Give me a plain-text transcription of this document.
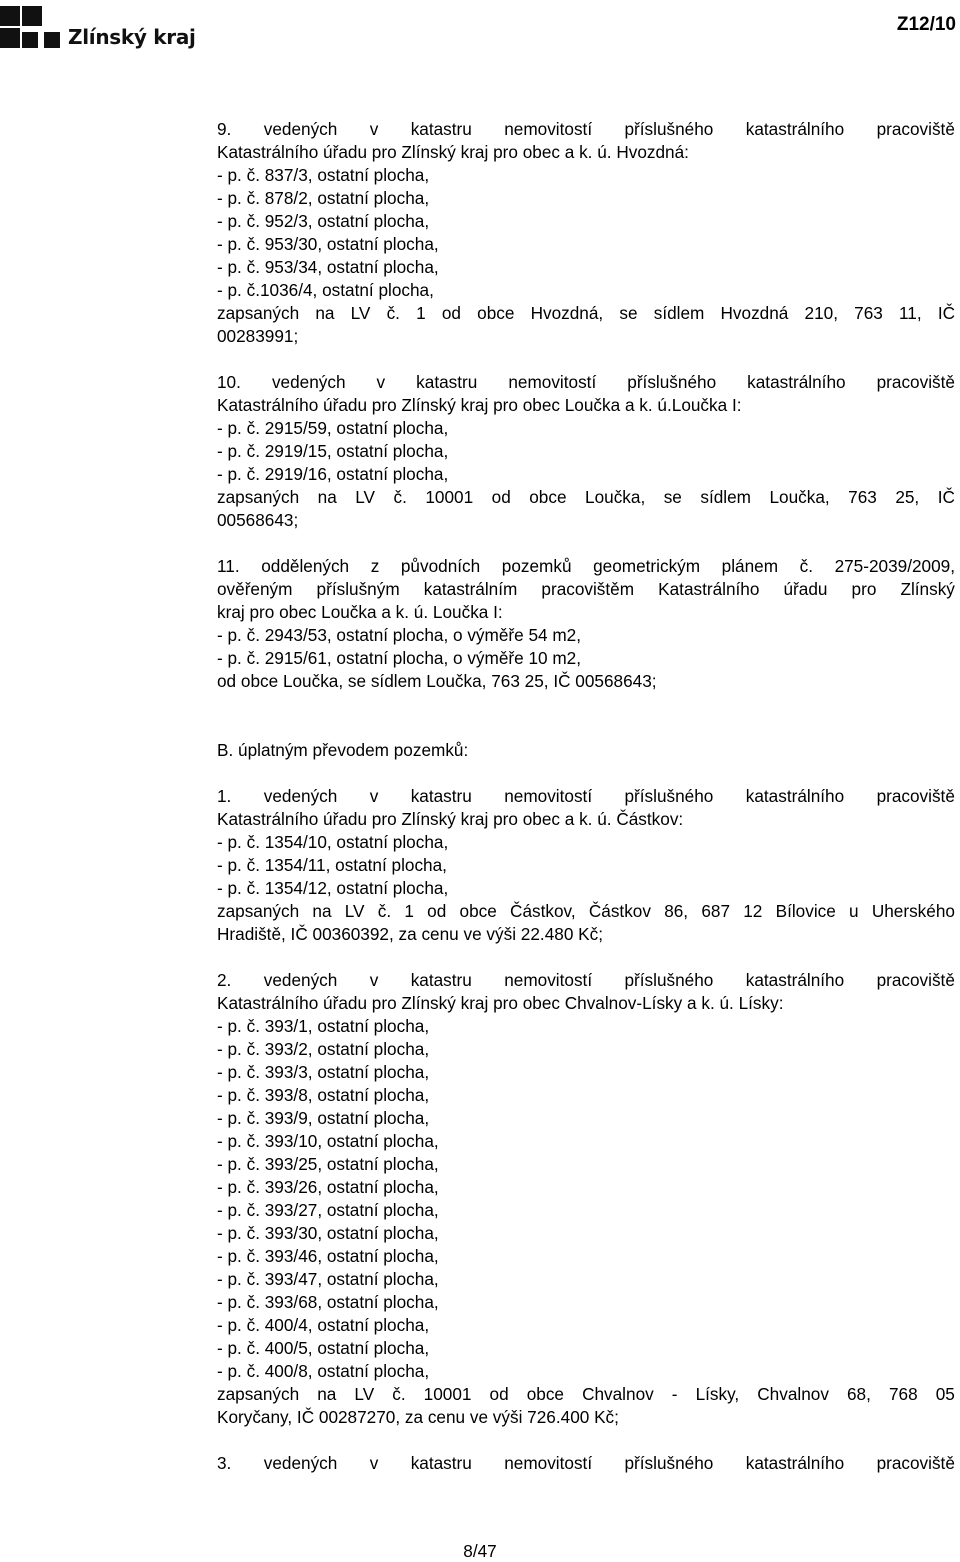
Zlínský kraj
Z12/10
9. vedených v katastru nemovitostí příslušného katastrálního pracoviště
Katastrálního úřadu pro Zlínský kraj pro obec a k. ú. Hvozdná:
- p. č. 837/3, ostatní plocha,
- p. č. 878/2, ostatní plocha,
- p. č. 952/3, ostatní plocha,
- p. č. 953/30, ostatní plocha,
- p. č. 953/34, ostatní plocha,
- p. č.1036/4, ostatní plocha,
zapsaných na LV č. 1 od obce Hvozdná, se sídlem Hvozdná 210, 763 11, IČ
00283991;
10. vedených v katastru nemovitostí příslušného katastrálního pracoviště
Katastrálního úřadu pro Zlínský kraj pro obec Loučka a k. ú.Loučka I:
- p. č. 2915/59, ostatní plocha,
- p. č. 2919/15, ostatní plocha,
- p. č. 2919/16, ostatní plocha,
zapsaných na LV č. 10001 od obce Loučka, se sídlem Loučka, 763 25, IČ
00568643;
11. oddělených z původních pozemků geometrickým plánem č. 275-2039/2009,
ověřeným příslušným katastrálním pracovištěm Katastrálního úřadu pro Zlínský
kraj pro obec Loučka a k. ú. Loučka I:
- p. č. 2943/53, ostatní plocha, o výměře 54 m2,
- p. č. 2915/61, ostatní plocha, o výměře 10 m2,
od obce Loučka, se sídlem Loučka, 763 25, IČ 00568643;
B. úplatným převodem pozemků:
1. vedených v katastru nemovitostí příslušného katastrálního pracoviště
Katastrálního úřadu pro Zlínský kraj pro obec a k. ú. Částkov:
- p. č. 1354/10, ostatní plocha,
- p. č. 1354/11, ostatní plocha,
- p. č. 1354/12, ostatní plocha,
zapsaných na LV č. 1 od obce Částkov, Částkov 86, 687 12 Bílovice u Uherského
Hradiště, IČ 00360392, za cenu ve výši 22.480 Kč;
2. vedených v katastru nemovitostí příslušného katastrálního pracoviště
Katastrálního úřadu pro Zlínský kraj pro obec Chvalnov-Lísky a k. ú. Lísky:
- p. č. 393/1, ostatní plocha,
- p. č. 393/2, ostatní plocha,
- p. č. 393/3, ostatní plocha,
- p. č. 393/8, ostatní plocha,
- p. č. 393/9, ostatní plocha,
- p. č. 393/10, ostatní plocha,
- p. č. 393/25, ostatní plocha,
- p. č. 393/26, ostatní plocha,
- p. č. 393/27, ostatní plocha,
- p. č. 393/30, ostatní plocha,
- p. č. 393/46, ostatní plocha,
- p. č. 393/47, ostatní plocha,
- p. č. 393/68, ostatní plocha,
- p. č. 400/4, ostatní plocha,
- p. č. 400/5, ostatní plocha,
- p. č. 400/8, ostatní plocha,
zapsaných na LV č. 10001 od obce Chvalnov - Lísky, Chvalnov 68, 768 05
Koryčany, IČ 00287270, za cenu ve výši 726.400 Kč;
3. vedených v katastru nemovitostí příslušného katastrálního pracoviště
8/47
